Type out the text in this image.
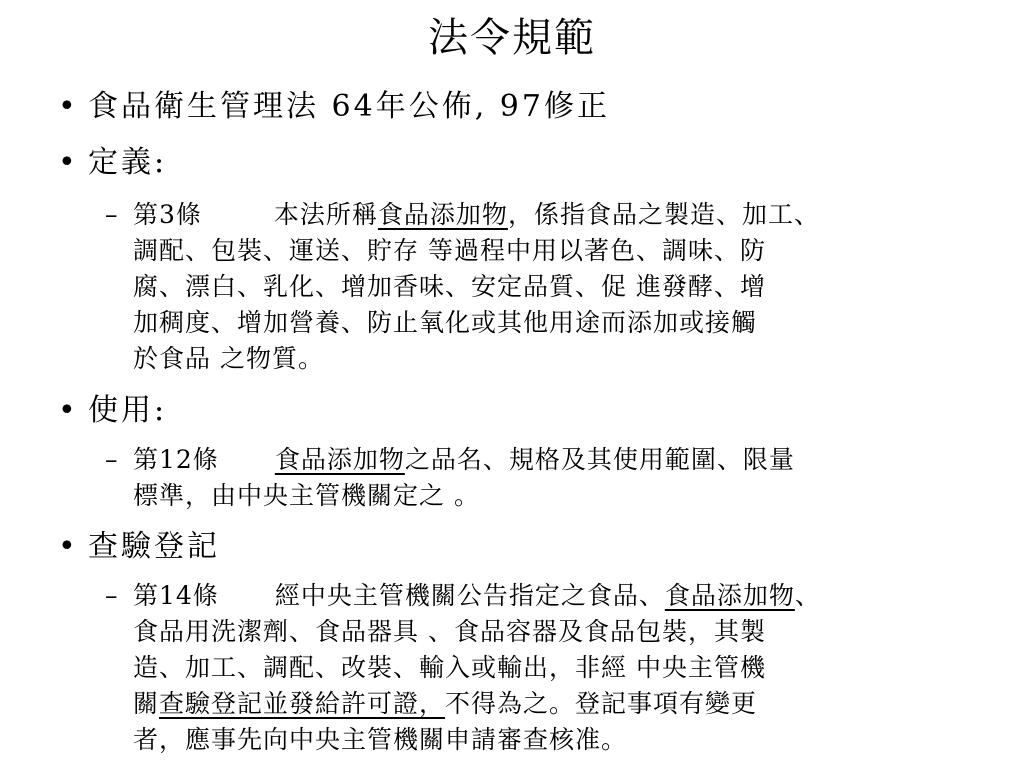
法令規範
• 食品衛生管理法 64年公佈, 97修正
• 定義:
– 第3條	本法所稱食品添加物，係指食品之製造、加工、
調配、包裝、運送、貯存 等過程中用以著色、調味、防
腐、漂白、乳化、增加香味、安定品質、促 進發酵、增
加稠度、增加營養、防止氧化或其他用途而添加或接觸
於食品 之物質。
• 使用:
– 第12條 食品添加物之品名、規格及其使用範圍、限量
標準，由中央主管機關定之 。
• 查驗登記
– 第14條 經中央主管機關公告指定之食品、食品添加物、
食品用洗潔劑、食品器具 、食品容器及食品包裝，其製
造、加工、調配、改裝、輸入或輸出，非經 中央主管機
關查驗登記並發給許可證，不得為之。登記事項有變更
者，應事先向中央主管機關申請審查核准。
